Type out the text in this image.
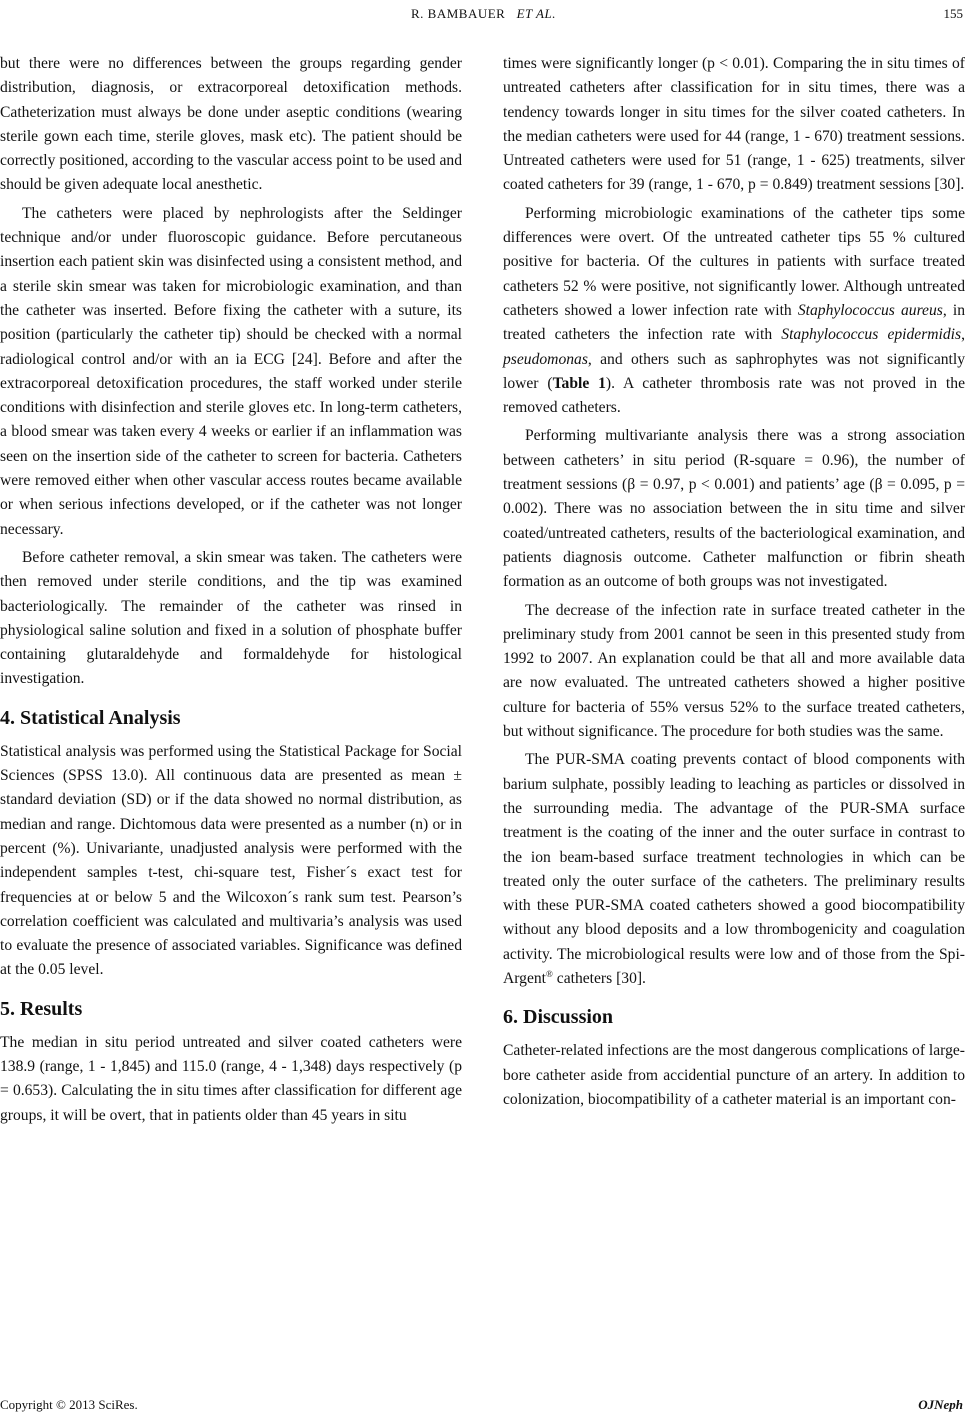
R. BAMBAUER ET AL.	155

but there were no differences between the groups regarding gender distribution, diagnosis, or extracorporeal detoxification methods. Catheterization must always be done under aseptic conditions (wearing sterile gown each time, sterile gloves, mask etc). The patient should be correctly positioned, according to the vascular access point to be used and should be given adequate local anesthetic.

The catheters were placed by nephrologists after the Seldinger technique and/or under fluoroscopic guidance. Before percutaneous insertion each patient skin was disinfected using a consistent method, and a sterile skin smear was taken for microbiologic examination, and than the catheter was inserted. Before fixing the catheter with a suture, its position (particularly the catheter tip) should be checked with a normal radiological control and/or with an ia ECG [24]. Before and after the extracorporeal detoxification procedures, the staff worked under sterile conditions with disinfection and sterile gloves etc. In long-term catheters, a blood smear was taken every 4 weeks or earlier if an inflammation was seen on the insertion side of the catheter to screen for bacteria. Catheters were removed either when other vascular access routes became available or when serious infections developed, or if the catheter was not longer necessary.

Before catheter removal, a skin smear was taken. The catheters were then removed under sterile conditions, and the tip was examined bacteriologically. The remainder of the catheter was rinsed in physiological saline solution and fixed in a solution of phosphate buffer containing glutaraldehyde and formaldehyde for histological investigation.

4. Statistical Analysis

Statistical analysis was performed using the Statistical Package for Social Sciences (SPSS 13.0). All continuous data are presented as mean ± standard deviation (SD) or if the data showed no normal distribution, as median and range. Dichtomous data were presented as a number (n) or in percent (%). Univariante, unadjusted analysis were performed with the independent samples t-test, chi-square test, Fisher´s exact test for frequencies at or below 5 and the Wilcoxon´s rank sum test. Pearson’s correlation coefficient was calculated and multivaria’s analysis was used to evaluate the presence of associated variables. Significance was defined at the 0.05 level.

5. Results

The median in situ period untreated and silver coated catheters were 138.9 (range, 1 - 1,845) and 115.0 (range, 4 - 1,348) days respectively (p = 0.653). Calculating the in situ times after classification for different age groups, it will be overt, that in patients older than 45 years in situ

times were significantly longer (p < 0.01). Comparing the in situ times of untreated catheters after classification for in situ times, there was a tendency towards longer in situ times for the silver coated catheters. In the median catheters were used for 44 (range, 1 - 670) treatment sessions. Untreated catheters were used for 51 (range, 1 - 625) treatments, silver coated catheters for 39 (range, 1 - 670, p = 0.849) treatment sessions [30].

Performing microbiologic examinations of the catheter tips some differences were overt. Of the untreated catheter tips 55 % cultured positive for bacteria. Of the cultures in patients with surface treated catheters 52 % were positive, not significantly lower. Although untreated catheters showed a lower infection rate with Staphylococcus aureus, in treated catheters the infection rate with Staphylococcus epidermidis, pseudomonas, and others such as saphrophytes was not significantly lower (Table 1). A catheter thrombosis rate was not proved in the removed catheters.

Performing multivariante analysis there was a strong association between catheters’ in situ period (R-square = 0.96), the number of treatment sessions (β = 0.97, p < 0.001) and patients’ age (β = 0.095, p = 0.002). There was no association between the in situ time and silver coated/untreated catheters, results of the bacteriological examination, and patients diagnosis outcome. Catheter malfunction or fibrin sheath formation as an outcome of both groups was not investigated.

The decrease of the infection rate in surface treated catheter in the preliminary study from 2001 cannot be seen in this presented study from 1992 to 2007. An explanation could be that all and more available data are now evaluated. The untreated catheters showed a higher positive culture for bacteria of 55% versus 52% to the surface treated catheters, but without significance. The procedure for both studies was the same.

The PUR-SMA coating prevents contact of blood components with barium sulphate, possibly leading to leaching as particles or dissolved in the surrounding media. The advantage of the PUR-SMA surface treatment is the coating of the inner and the outer surface in contrast to the ion beam-based surface treatment technologies in which can be treated only the outer surface of the catheters. The preliminary results with these PUR-SMA coated catheters showed a good biocompatibility without any blood deposits and a low thrombogenicity and coagulation activity. The microbiological results were low and of those from the Spi-Argent® catheters [30].

6. Discussion

Catheter-related infections are the most dangerous complications of large-bore catheter aside from accidential puncture of an artery. In addition to colonization, biocompatibility of a catheter material is an important con-

Copyright © 2013 SciRes.	OJNeph
